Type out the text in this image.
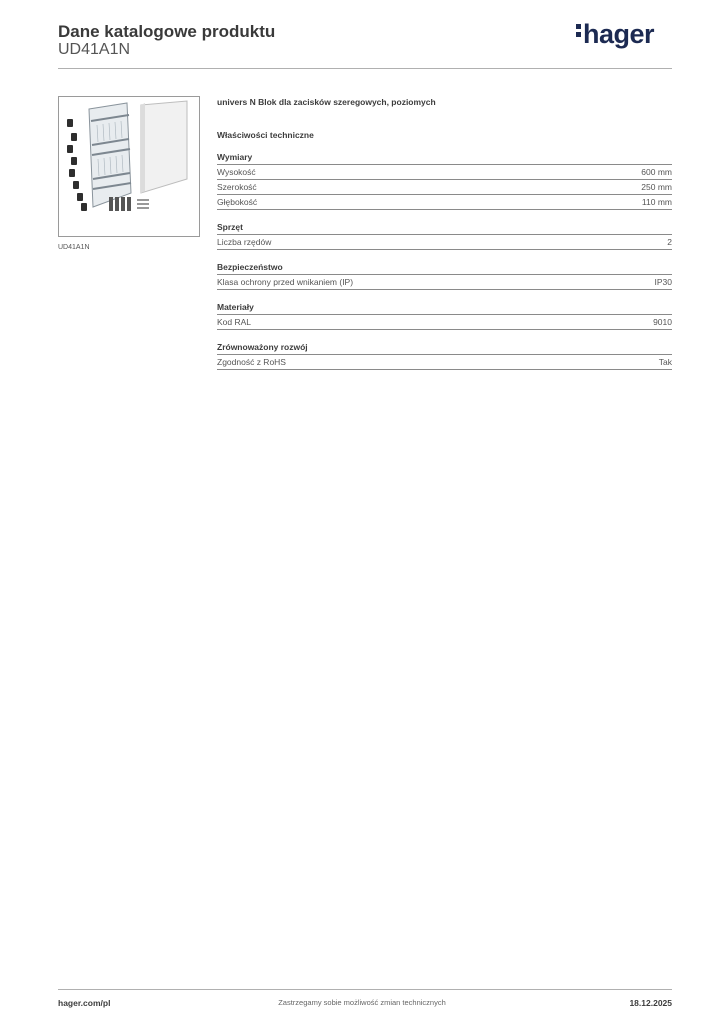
Dane katalogowe produktu
UD41A1N
hager
UD41A1N
univers N Blok dla zacisków szeregowych, poziomych
Właściwości techniczne
Wymiary
Wysokość	600 mm
Szerokość	250 mm
Głębokość	110 mm
Sprzęt
Liczba rzędów	2
Bezpieczeństwo
Klasa ochrony przed wnikaniem (IP)	IP30
Materiały
Kod RAL	9010
Zrównoważony rozwój
Zgodność z RoHS	Tak
hager.com/pl	Zastrzegamy sobie możliwość zmian technicznych	18.12.2025
